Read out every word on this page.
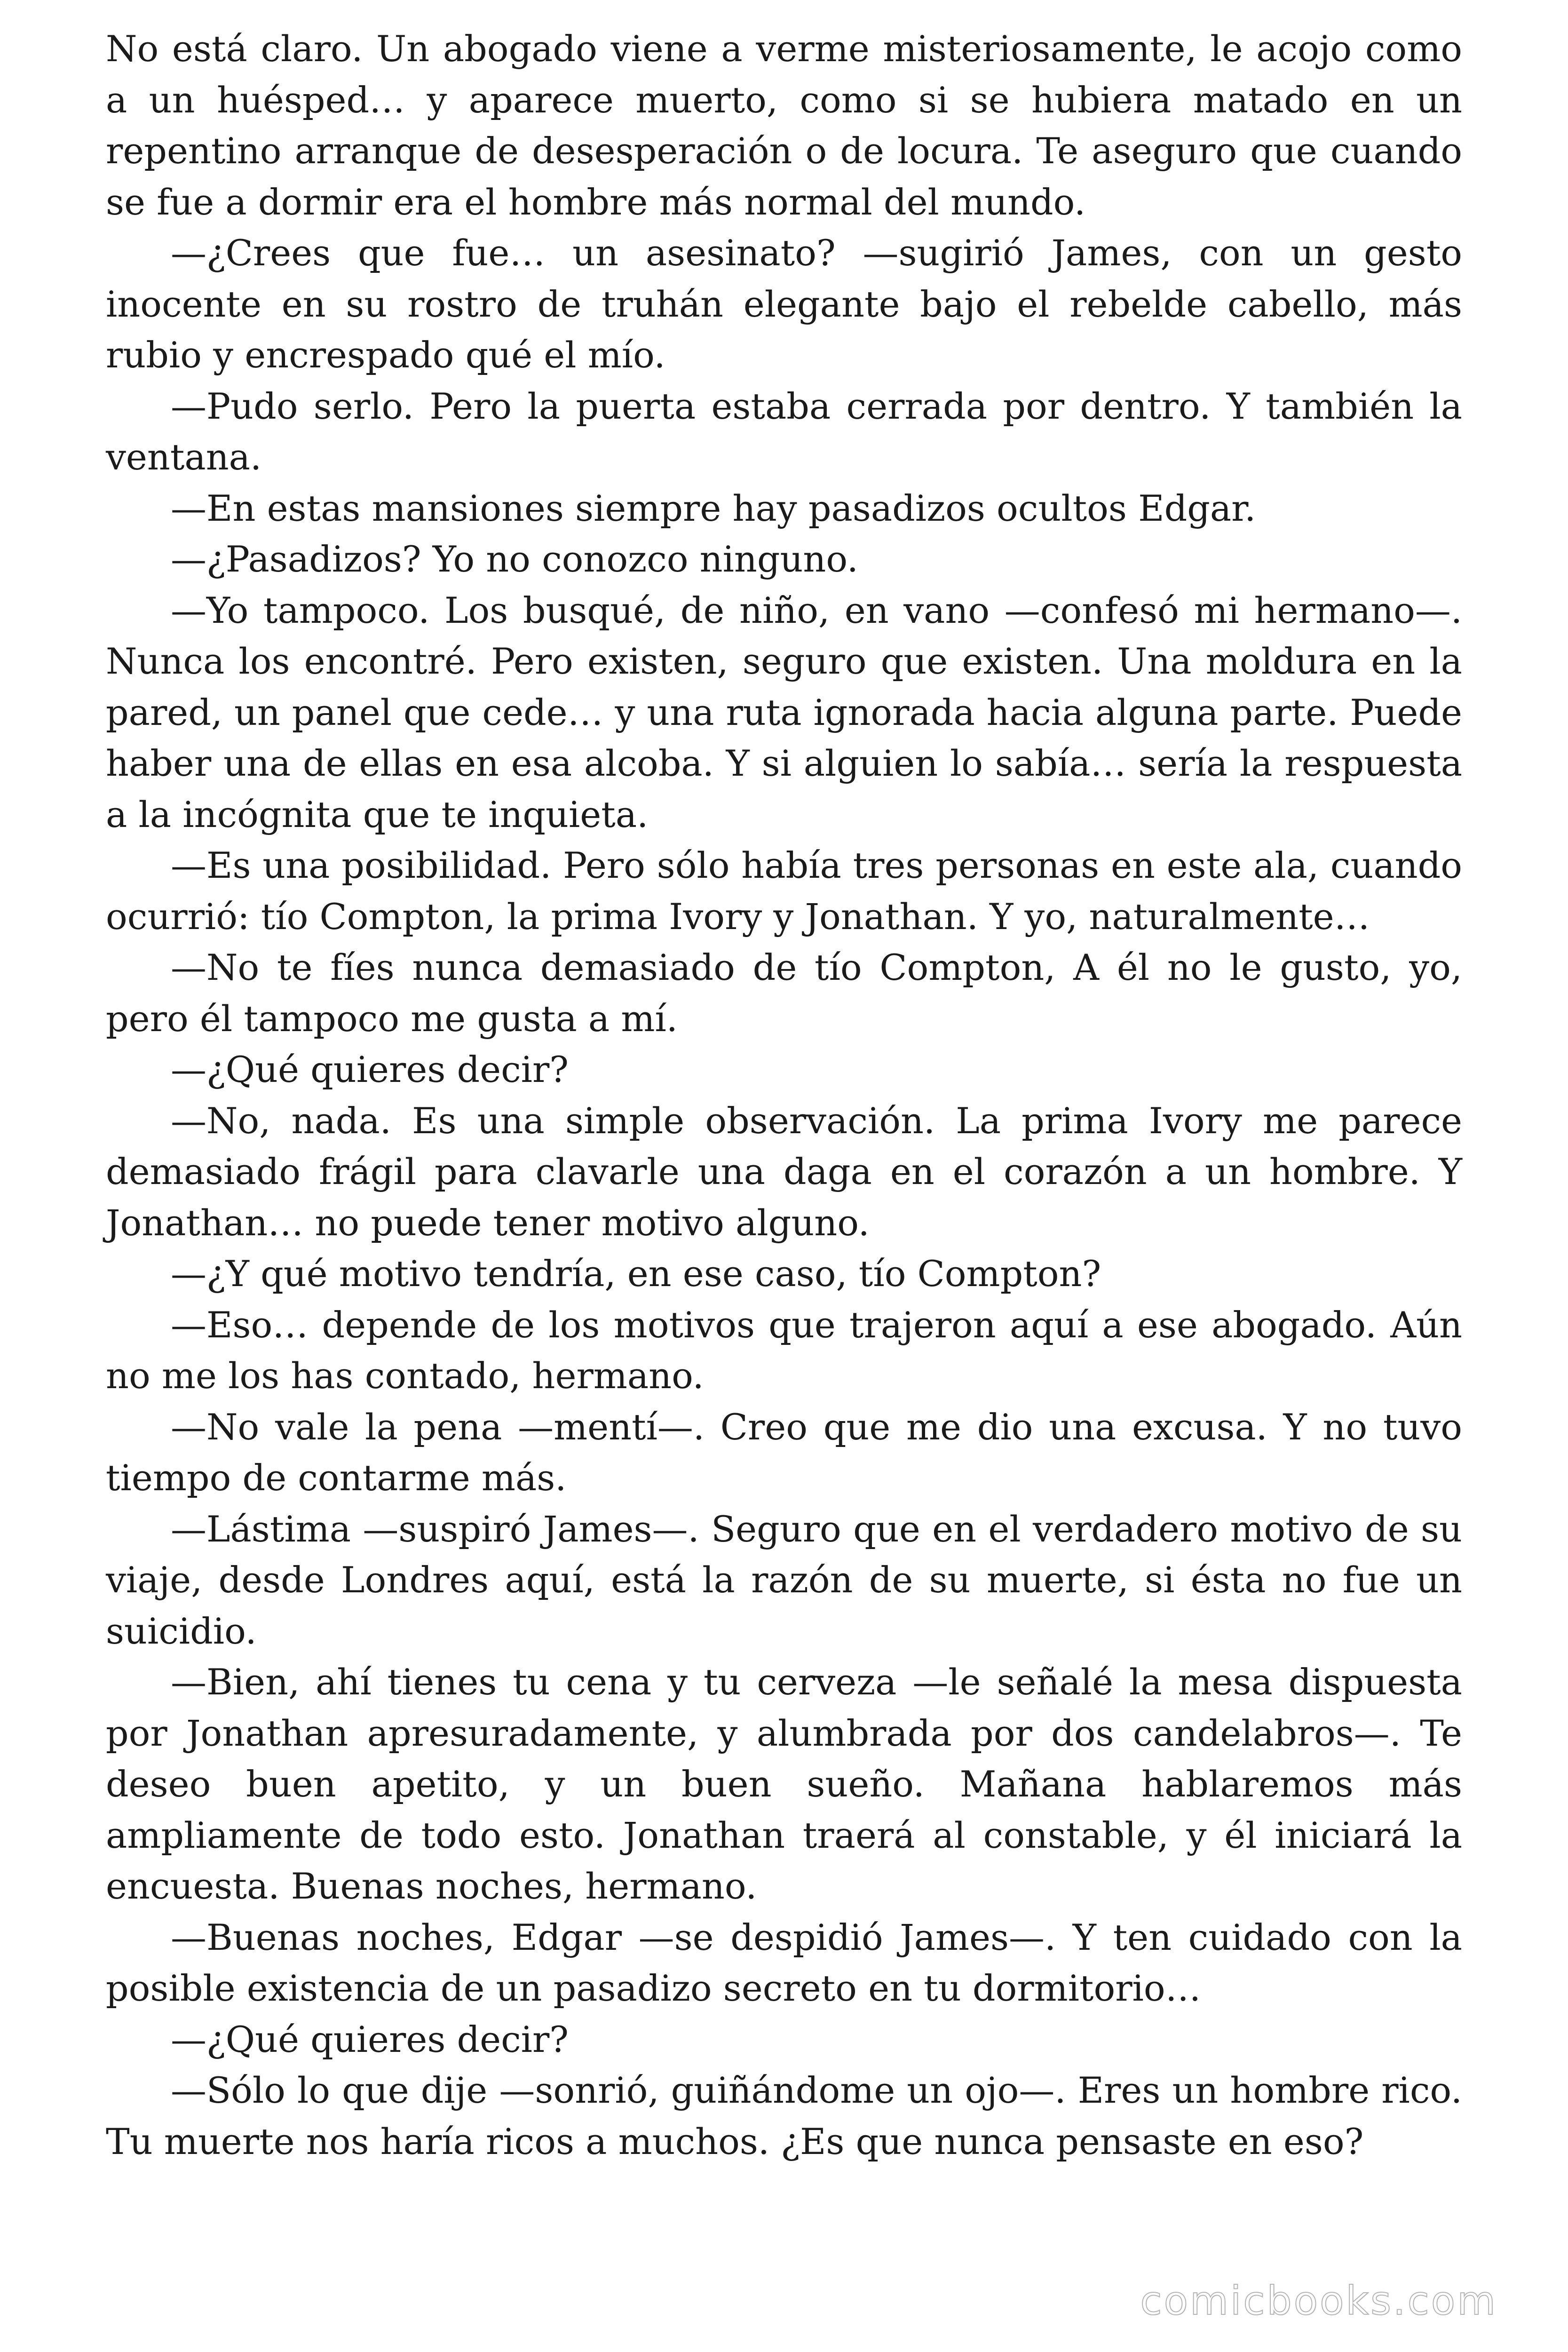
No está claro. Un abogado viene a verme misteriosamente, le acojo como a un huésped… y aparece muerto, como si se hubiera matado en un repentino arranque de desesperación o de locura. Te aseguro que cuando se fue a dormir era el hombre más normal del mundo.

—¿Crees que fue… un asesinato? —sugirió James, con un gesto inocente en su rostro de truhán elegante bajo el rebelde cabello, más rubio y encrespado qué el mío.

—Pudo serlo. Pero la puerta estaba cerrada por dentro. Y también la ventana.

—En estas mansiones siempre hay pasadizos ocultos Edgar.

—¿Pasadizos? Yo no conozco ninguno.

—Yo tampoco. Los busqué, de niño, en vano —confesó mi hermano—. Nunca los encontré. Pero existen, seguro que existen. Una moldura en la pared, un panel que cede… y una ruta ignorada hacia alguna parte. Puede haber una de ellas en esa alcoba. Y si alguien lo sabía… sería la respuesta a la incógnita que te inquieta.

—Es una posibilidad. Pero sólo había tres personas en este ala, cuando ocurrió: tío Compton, la prima Ivory y Jonathan. Y yo, naturalmente…

—No te fíes nunca demasiado de tío Compton, A él no le gusto, yo, pero él tampoco me gusta a mí.

—¿Qué quieres decir?

—No, nada. Es una simple observación. La prima Ivory me parece demasiado frágil para clavarle una daga en el corazón a un hombre. Y Jonathan… no puede tener motivo alguno.

—¿Y qué motivo tendría, en ese caso, tío Compton?

—Eso… depende de los motivos que trajeron aquí a ese abogado. Aún no me los has contado, hermano.

—No vale la pena —mentí—. Creo que me dio una excusa. Y no tuvo tiempo de contarme más.

—Lástima —suspiró James—. Seguro que en el verdadero motivo de su viaje, desde Londres aquí, está la razón de su muerte, si ésta no fue un suicidio.

—Bien, ahí tienes tu cena y tu cerveza —le señalé la mesa dispuesta por Jonathan apresuradamente, y alumbrada por dos candelabros—. Te deseo buen apetito, y un buen sueño. Mañana hablaremos más ampliamente de todo esto. Jonathan traerá al constable, y él iniciará la encuesta. Buenas noches, hermano.

—Buenas noches, Edgar —se despidió James—. Y ten cuidado con la posible existencia de un pasadizo secreto en tu dormitorio…

—¿Qué quieres decir?

—Sólo lo que dije —sonrió, guiñándome un ojo—. Eres un hombre rico. Tu muerte nos haría ricos a muchos. ¿Es que nunca pensaste en eso?

comicbooks.com
